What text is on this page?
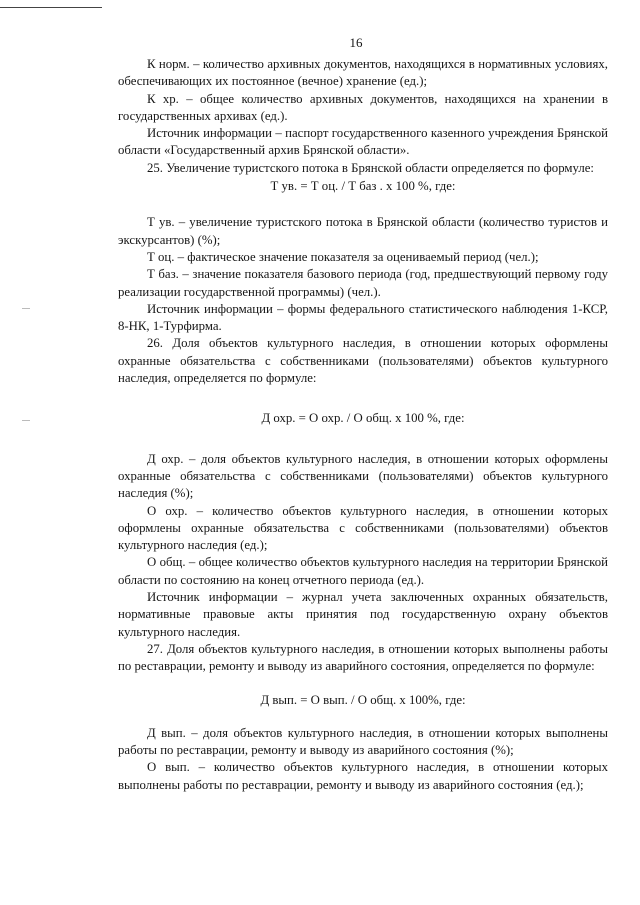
16

К норм. – количество архивных документов, находящихся в нормативных условиях, обеспечивающих их постоянное (вечное) хранение (ед.);

К хр. – общее количество архивных документов, находящихся на хранении в государственных архивах (ед.).

Источник информации – паспорт государственного казенного учреждения Брянской области «Государственный архив Брянской области».

25. Увеличение туристского потока в Брянской области определяется по формуле:

Т ув. = Т оц. / Т баз . х 100 %, где:

Т ув. – увеличение туристского потока в Брянской области (количество туристов и экскурсантов) (%);

Т оц. – фактическое значение показателя за оцениваемый период (чел.);

Т баз. – значение показателя базового периода (год, предшествующий первому году реализации государственной программы) (чел.).

Источник информации – формы федерального статистического наблюдения 1-КСР, 8-НК, 1-Турфирма.

26. Доля объектов культурного наследия, в отношении которых оформлены охранные обязательства с собственниками (пользователями) объектов культурного наследия, определяется по формуле:

Д охр. = О охр. / О общ. х 100 %, где:

Д охр. – доля объектов культурного наследия, в отношении которых оформлены охранные обязательства с собственниками (пользователями) объектов культурного наследия (%);

О охр. – количество объектов культурного наследия, в отношении которых оформлены охранные обязательства с собственниками (пользователями) объектов культурного наследия (ед.);

О общ. – общее количество объектов культурного наследия на территории Брянской области по состоянию на конец отчетного периода (ед.).

Источник информации – журнал учета заключенных охранных обязательств, нормативные правовые акты принятия под государственную охрану объектов культурного наследия.

27. Доля объектов культурного наследия, в отношении которых выполнены работы по реставрации, ремонту и выводу из аварийного состояния, определяется по формуле:

Д вып. = О вып. / О общ. х 100%, где:

Д вып. – доля объектов культурного наследия, в отношении которых выполнены работы по реставрации, ремонту и выводу из аварийного состояния (%);

О вып. – количество объектов культурного наследия, в отношении которых выполнены работы по реставрации, ремонту и выводу из аварийного состояния (ед.);
